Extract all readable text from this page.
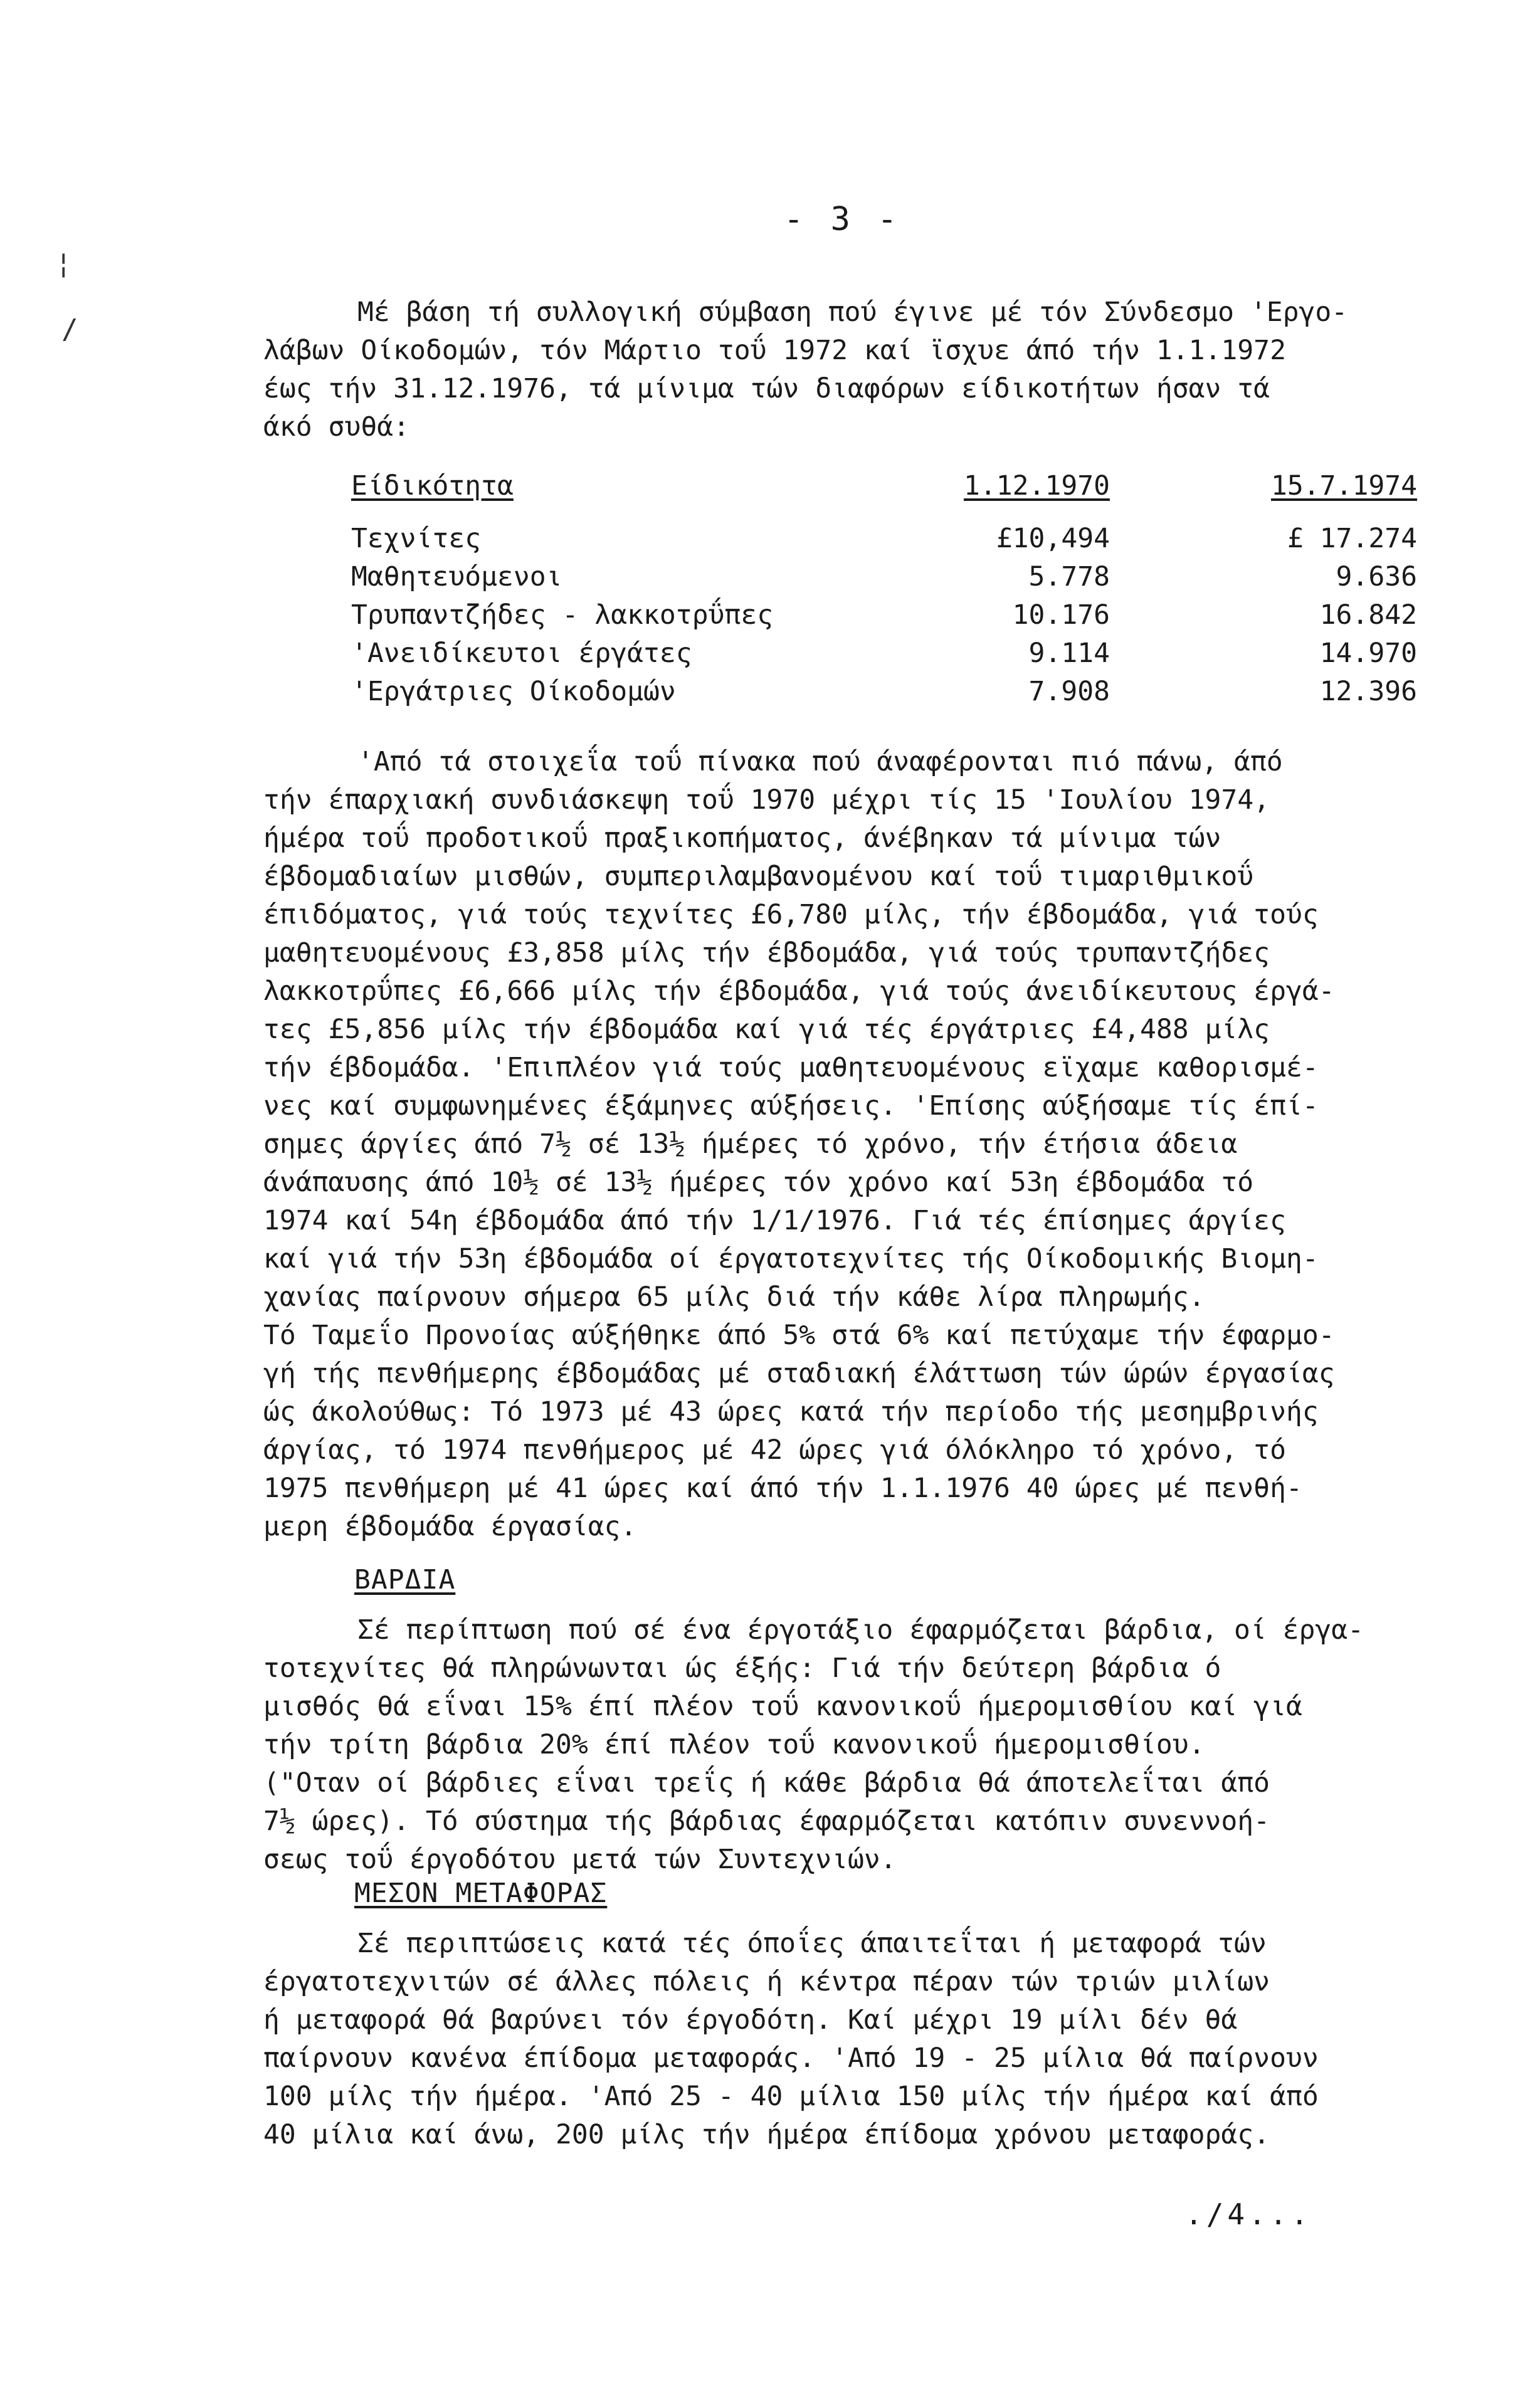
¦
/
- 3 -
Μέ βάση τή συλλογική σύμβαση πού έγινε μέ τόν Σύνδεσμο 'Εργο-
λάβων Οίκοδομών, τόν Μάρτιο τοΰ 1972 καί ϊσχυε άπό τήν 1.1.1972
έως τήν 31.12.1976, τά μίνιμα τών διαφόρων είδικοτήτων ήσαν τά
άκό συθά:
Είδικότητα	1.12.1970	15.7.1974
Τεχνίτες	£10,494	£ 17.274
Μαθητευόμενοι	5.778	9.636
Τρυπαντζήδες - λακκοτρΰπες	10.176	16.842
'Ανειδίκευτοι έργάτες	9.114	14.970
'Εργάτριες Οίκοδομών	7.908	12.396
'Από τά στοιχεΐα τοΰ πίνακα πού άναφέρονται πιό πάνω, άπό
τήν έπαρχιακή συνδιάσκεψη τοΰ 1970 μέχρι τίς 15 'Ιουλίου 1974,
ήμέρα τοΰ προδοτικοΰ πραξικοπήματος, άνέβηκαν τά μίνιμα τών
έβδομαδιαίων μισθών, συμπεριλαμβανομένου καί τοΰ τιμαριθμικοΰ
έπιδόματος, γιά τούς τεχνίτες £6,780 μίλς, τήν έβδομάδα, γιά τούς
μαθητευομένους £3,858 μίλς τήν έβδομάδα, γιά τούς τρυπαντζήδες
λακκοτρΰπες £6,666 μίλς τήν έβδομάδα, γιά τούς άνειδίκευτους έργά-
τες £5,856 μίλς τήν έβδομάδα καί γιά τές έργάτριες £4,488 μίλς
τήν έβδομάδα. 'Επιπλέον γιά τούς μαθητευομένους εϊχαμε καθορισμέ-
νες καί συμφωνημένες έξάμηνες αύξήσεις. 'Επίσης αύξήσαμε τίς έπί-
σημες άργίες άπό 7½ σέ 13½ ήμέρες τό χρόνο, τήν έτήσια άδεια
άνάπαυσης άπό 10½ σέ 13½ ήμέρες τόν χρόνο καί 53η έβδομάδα τό
1974 καί 54η έβδομάδα άπό τήν 1/1/1976. Γιά τές έπίσημες άργίες
καί γιά τήν 53η έβδομάδα οί έργατοτεχνίτες τής Οίκοδομικής Βιομη-
χανίας παίρνουν σήμερα 65 μίλς διά τήν κάθε λίρα πληρωμής.
Τό Ταμεΐο Προνοίας αύξήθηκε άπό 5% στά 6% καί πετύχαμε τήν έφαρμο-
γή τής πενθήμερης έβδομάδας μέ σταδιακή έλάττωση τών ώρών έργασίας
ώς άκολούθως: Τό 1973 μέ 43 ώρες κατά τήν περίοδο τής μεσημβρινής
άργίας, τό 1974 πενθήμερος μέ 42 ώρες γιά όλόκληρο τό χρόνο, τό
1975 πενθήμερη μέ 41 ώρες καί άπό τήν 1.1.1976 40 ώρες μέ πενθή-
μερη έβδομάδα έργασίας.
ΒΑΡΔΙΑ
Σέ περίπτωση πού σέ ένα έργοτάξιο έφαρμόζεται βάρδια, οί έργα-
τοτεχνίτες θά πληρώνωνται ώς έξής: Γιά τήν δεύτερη βάρδια ό
μισθός θά εΐναι 15% έπί πλέον τοΰ κανονικοΰ ήμερομισθίου καί γιά
τήν τρίτη βάρδια 20% έπί πλέον τοΰ κανονικοΰ ήμερομισθίου.
("Οταν οί βάρδιες εΐναι τρεΐς ή κάθε βάρδια θά άποτελεΐται άπό
7½ ώρες). Τό σύστημα τής βάρδιας έφαρμόζεται κατόπιν συνεννοή-
σεως τοΰ έργοδότου μετά τών Συντεχνιών.
ΜΕΣΟΝ ΜΕΤΑΦΟΡΑΣ
Σέ περιπτώσεις κατά τές όποΐες άπαιτεΐται ή μεταφορά τών
έργατοτεχνιτών σέ άλλες πόλεις ή κέντρα πέραν τών τριών μιλίων
ή μεταφορά θά βαρύνει τόν έργοδότη. Καί μέχρι 19 μίλι δέν θά
παίρνουν κανένα έπίδομα μεταφοράς. 'Από 19 - 25 μίλια θά παίρνουν
100 μίλς τήν ήμέρα. 'Από 25 - 40 μίλια 150 μίλς τήν ήμέρα καί άπό
40 μίλια καί άνω, 200 μίλς τήν ήμέρα έπίδομα χρόνου μεταφοράς.
./4...
